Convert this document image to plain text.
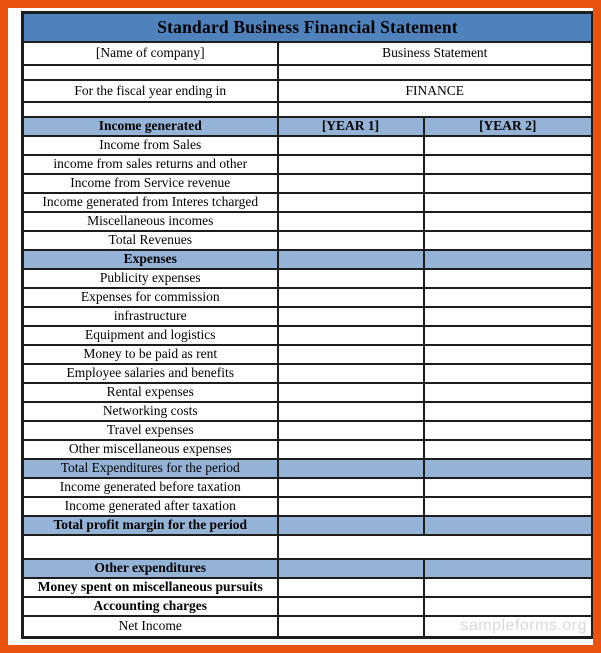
Standard Business Financial Statement		
[Name of company]	Business Statement	

For the fiscal year ending in	FINANCE	

Income generated	[YEAR 1]	[YEAR 2]
Income from Sales		
income from sales returns and other		
Income from Service revenue		
Income generated from Interes tcharged		
Miscellaneous incomes		
Total Revenues		
Expenses		
Publicity expenses		
Expenses for commission		
infrastructure		
Equipment and logistics		
Money to be paid as rent		
Employee salaries and benefits		
Rental expenses		
Networking costs		
Travel expenses		
Other miscellaneous expenses		
Total Expenditures for the period		
Income generated before taxation		
Income generated after taxation		
Total profit margin for the period		

Other expenditures		
Money spent on miscellaneous pursuits		
Accounting charges		
Net Income		sampleforms.org
